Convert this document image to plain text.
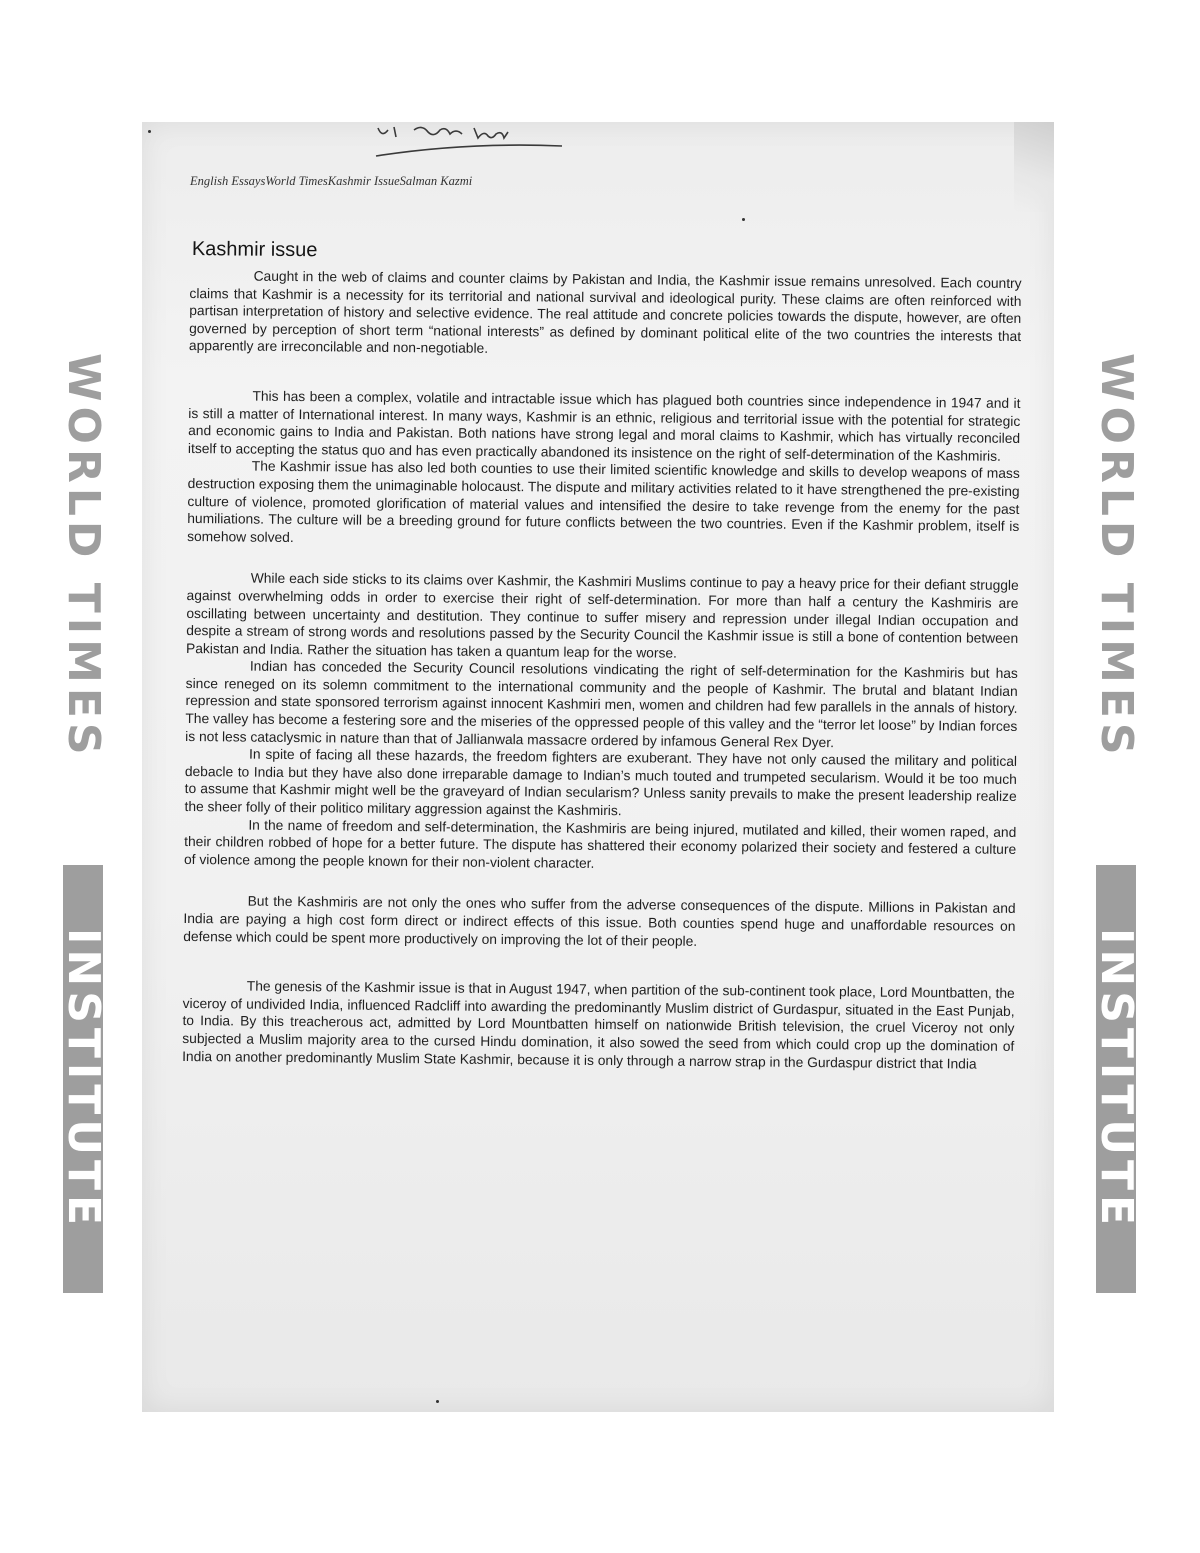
WORLD TIMES
INSTITUTE
WORLD TIMES
INSTITUTE
English EssaysWorld TimesKashmir IssueSalman Kazmi
Kashmir issue

Caught in the web of claims and counter claims by Pakistan and India, the Kashmir issue remains unresolved. Each country claims that Kashmir is a necessity for its territorial and national survival and ideological purity. These claims are often reinforced with partisan interpretation of history and selective evidence. The real attitude and concrete policies towards the dispute, however, are often governed by perception of short term “national interests” as defined by dominant political elite of the two countries the interests that apparently are irreconcilable and non-negotiable.

This has been a complex, volatile and intractable issue which has plagued both countries since independence in 1947 and it is still a matter of International interest. In many ways, Kashmir is an ethnic, religious and territorial issue with the potential for strategic and economic gains to India and Pakistan. Both nations have strong legal and moral claims to Kashmir, which has virtually reconciled itself to accepting the status quo and has even practically abandoned its insistence on the right of self-determination of the Kashmiris.

The Kashmir issue has also led both counties to use their limited scientific knowledge and skills to develop weapons of mass destruction exposing them the unimaginable holocaust. The dispute and military activities related to it have strengthened the pre-existing culture of violence, promoted glorification of material values and intensified the desire to take revenge from the enemy for the past humiliations. The culture will be a breeding ground for future conflicts between the two countries. Even if the Kashmir problem, itself is somehow solved.

While each side sticks to its claims over Kashmir, the Kashmiri Muslims continue to pay a heavy price for their defiant struggle against overwhelming odds in order to exercise their right of self-determination. For more than half a century the Kashmiris are oscillating between uncertainty and destitution. They continue to suffer misery and repression under illegal Indian occupation and despite a stream of strong words and resolutions passed by the Security Council the Kashmir issue is still a bone of contention between Pakistan and India. Rather the situation has taken a quantum leap for the worse.

Indian has conceded the Security Council resolutions vindicating the right of self-determination for the Kashmiris but has since reneged on its solemn commitment to the international community and the people of Kashmir. The brutal and blatant Indian repression and state sponsored terrorism against innocent Kashmiri men, women and children had few parallels in the annals of history. The valley has become a festering sore and the miseries of the oppressed people of this valley and the “terror let loose” by Indian forces is not less cataclysmic in nature than that of Jallianwala massacre ordered by infamous General Rex Dyer.

In spite of facing all these hazards, the freedom fighters are exuberant. They have not only caused the military and political debacle to India but they have also done irreparable damage to Indian’s much touted and trumpeted secularism. Would it be too much to assume that Kashmir might well be the graveyard of Indian secularism? Unless sanity prevails to make the present leadership realize the sheer folly of their politico military aggression against the Kashmiris.

In the name of freedom and self-determination, the Kashmiris are being injured, mutilated and killed, their women raped, and their children robbed of hope for a better future. The dispute has shattered their economy polarized their society and festered a culture of violence among the people known for their non-violent character.

But the Kashmiris are not only the ones who suffer from the adverse consequences of the dispute. Millions in Pakistan and India are paying a high cost form direct or indirect effects of this issue. Both counties spend huge and unaffordable resources on defense which could be spent more productively on improving the lot of their people.

The genesis of the Kashmir issue is that in August 1947, when partition of the sub-continent took place, Lord Mountbatten, the viceroy of undivided India, influenced Radcliff into awarding the predominantly Muslim district of Gurdaspur, situated in the East Punjab, to India. By this treacherous act, admitted by Lord Mountbatten himself on nationwide British television, the cruel Viceroy not only subjected a Muslim majority area to the cursed Hindu domination, it also sowed the seed from which could crop up the domination of India on another predominantly Muslim State Kashmir, because it is only through a narrow strap in the Gurdaspur district that India
